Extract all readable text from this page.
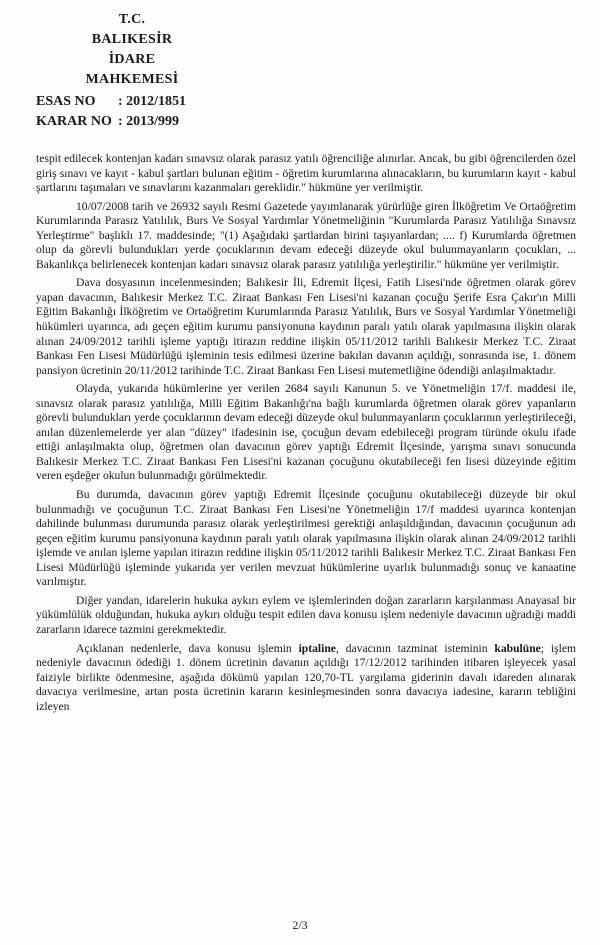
T.C.
BALIKESİR
İDARE MAHKEMESİ
ESAS NO	: 2012/1851
KARAR NO : 2013/999

tespit edilecek kontenjan kadarı sınavsız olarak parasız yatılı öğrenciliğe alınırlar. Ancak, bu gibi öğrencilerden özel giriş sınavı ve kayıt - kabul şartları bulunan eğitim - öğretim kurumlarına alınacakların, bu kurumların kayıt - kabul şartlarını taşımaları ve sınavlarını kazanmaları gereklidir." hükmüne yer verilmiştir.

10/07/2008 tarih ve 26932 sayılı Resmi Gazetede yayımlanarak yürürlüğe giren İlköğretim Ve Ortaöğretim Kurumlarında Parasız Yatılılık, Burs Ve Sosyal Yardımlar Yönetmeliğinin "Kurumlarda Parasız Yatılılığa Sınavsız Yerleştirme" başlıklı 17. maddesinde; "(1) Aşağıdaki şartlardan birini taşıyanlardan; .... f) Kurumlarda öğretmen olup da görevli bulundukları yerde çocuklarının devam edeceği düzeyde okul bulunmayanların çocukları, ... Bakanlıkça belirlenecek kontenjan kadarı sınavsız olarak parasız yatılılığa yerleştirilir." hükmüne yer verilmiştir.

Dava dosyasının incelenmesinden; Balıkesir İli, Edremit İlçesi, Fatih Lisesi'nde öğretmen olarak görev yapan davacının, Balıkesir Merkez T.C. Ziraat Bankası Fen Lisesi'ni kazanan çocuğu Şerife Esra Çakır'ın Milli Eğitim Bakanlığı İlköğretim ve Ortaöğretim Kurumlarında Parasız Yatılılık, Burs ve Sosyal Yardımlar Yönetmeliği hükümleri uyarınca, adı geçen eğitim kurumu pansiyonuna kaydının paralı yatılı olarak yapılmasına ilişkin olarak alınan 24/09/2012 tarihli işleme yaptığı itirazın reddine ilişkin 05/11/2012 tarihli Balıkesir Merkez T.C. Ziraat Bankası Fen Lisesi Müdürlüğü işleminin tesis edilmesi üzerine bakılan davanın açıldığı, sonrasında ise, 1. dönem pansiyon ücretinin 20/11/2012 tarihinde T.C. Ziraat Bankası Fen Lisesi mutemetliğine ödendiği anlaşılmaktadır.

Olayda, yukarıda hükümlerine yer verilen 2684 sayılı Kanunun 5. ve Yönetmeliğin 17/f. maddesi ile, sınavsız olarak parasız yatılılığa, Milli Eğitim Bakanlığı'na bağlı kurumlarda öğretmen olarak görev yapanların görevli bulundukları yerde çocuklarının devam edeceği düzeyde okul bulunmayanların çocuklarının yerleştirileceği, anılan düzenlemelerde yer alan "düzey" ifadesinin ise, çocuğun devam edebileceği program türünde okulu ifade ettiği anlaşılmakta olup, öğretmen olan davacının görev yaptığı Edremit İlçesinde, yarışma sınavı sonucunda Balıkesir Merkez T.C. Ziraat Bankası Fen Lisesi'ni kazanan çocuğunu okutabileceği fen lisesi düzeyinde eğitim veren eşdeğer okulun bulunmadığı görülmektedir.

Bu durumda, davacının görev yaptığı Edremit İlçesinde çocuğunu okutabileceği düzeyde bir okul bulunmadığı ve çocuğunun T.C. Ziraat Bankası Fen Lisesi'ne Yönetmeliğin 17/f maddesi uyarınca kontenjan dahilinde bulunması durumunda parasız olarak yerleştirilmesi gerektiği anlaşıldığından, davacının çocuğunun adı geçen eğitim kurumu pansiyonuna kaydının paralı yatılı olarak yapılmasına ilişkin olarak alınan 24/09/2012 tarihli işlemde ve anılan işleme yapılan itirazın reddine ilişkin 05/11/2012 tarihli Balıkesir Merkez T.C. Ziraat Bankası Fen Lisesi Müdürlüğü işleminde yukarıda yer verilen mevzuat hükümlerine uyarlık bulunmadığı sonuç ve kanaatine varılmıştır.

Diğer yandan, idarelerin hukuka aykırı eylem ve işlemlerinden doğan zararların karşılanması Anayasal bir yükümlülük olduğundan, hukuka aykırı olduğu tespit edilen dava konusu işlem nedeniyle davacının uğradığı maddi zararların idarece tazmini gerekmektedir.

Açıklanan nedenlerle, dava konusu işlemin iptaline, davacının tazminat isteminin kabulüne; işlem nedeniyle davacının ödediği 1. dönem ücretinin davanın açıldığı 17/12/2012 tarihinden itibaren işleyecek yasal faiziyle birlikte ödenmesine, aşağıda dökümü yapılan 120,70-TL yargılama giderinin davalı idareden alınarak davacıya verilmesine, artan posta ücretinin kararın kesinleşmesinden sonra davacıya iadesine, kararın tebliğini izleyen

2/3
